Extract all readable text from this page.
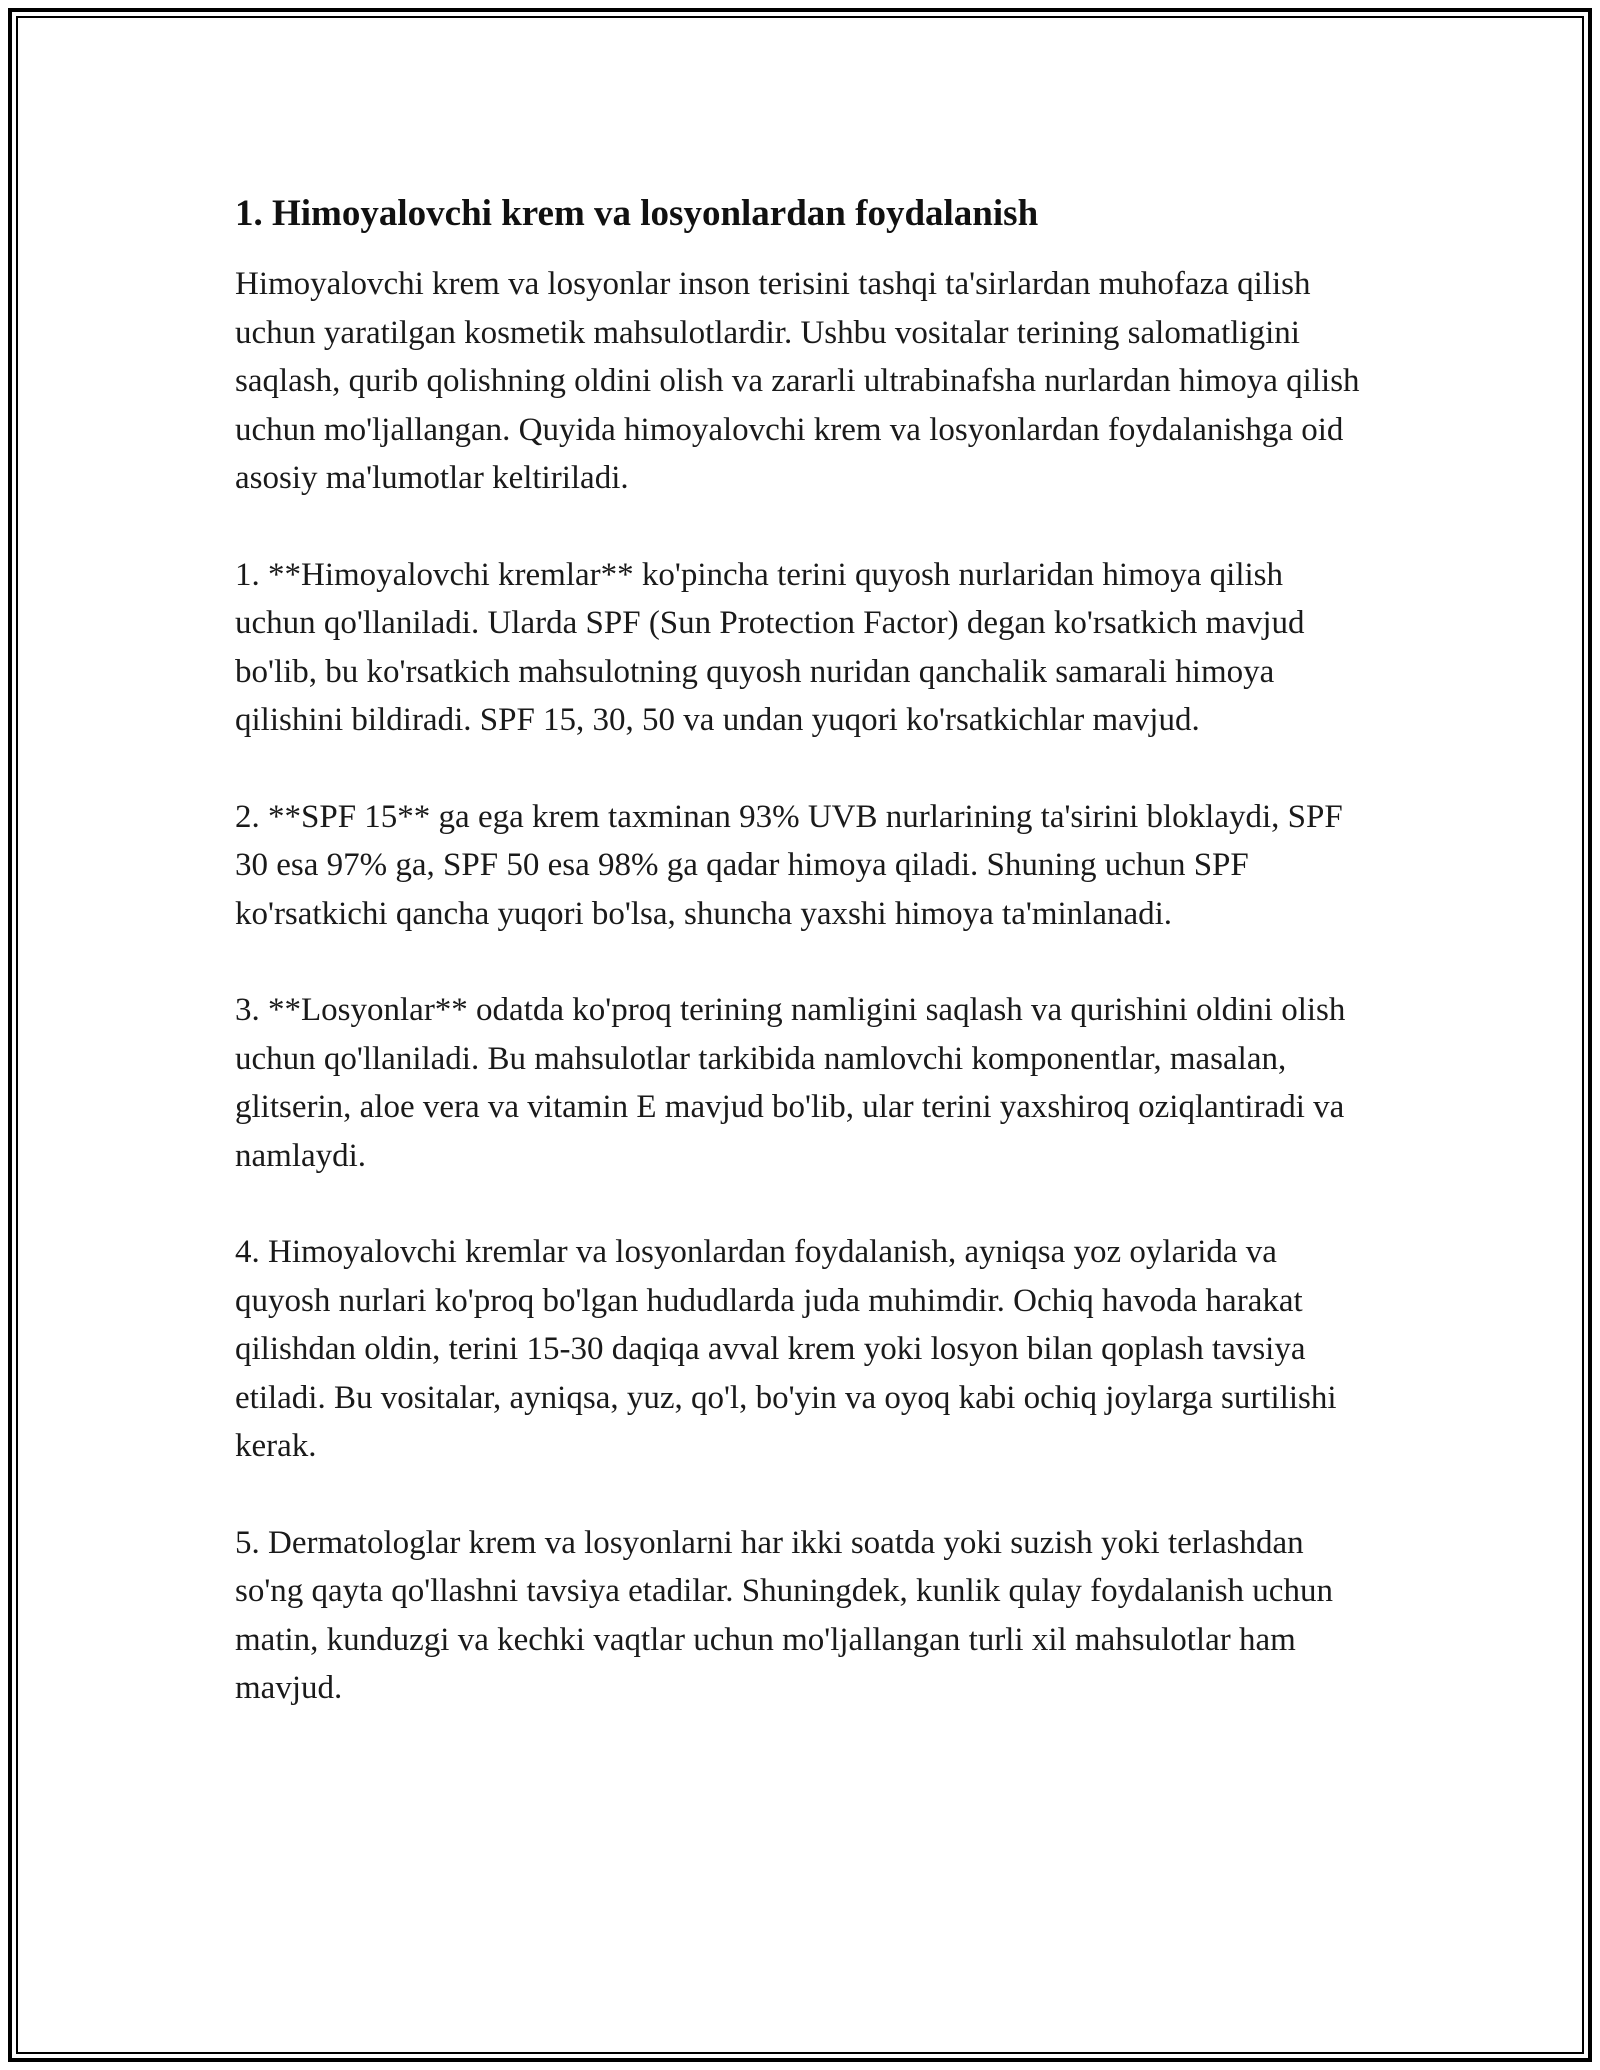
1. Himoyalovchi krem va losyonlardan foydalanish

Himoyalovchi krem va losyonlar inson terisini tashqi ta'sirlardan muhofaza qilish uchun yaratilgan kosmetik mahsulotlardir. Ushbu vositalar terining salomatligini saqlash, qurib qolishning oldini olish va zararli ultrabinafsha nurlardan himoya qilish uchun mo'ljallangan. Quyida himoyalovchi krem va losyonlardan foydalanishga oid asosiy ma'lumotlar keltiriladi.

1. **Himoyalovchi kremlar** ko'pincha terini quyosh nurlaridan himoya qilish uchun qo'llaniladi. Ularda SPF (Sun Protection Factor) degan ko'rsatkich mavjud bo'lib, bu ko'rsatkich mahsulotning quyosh nuridan qanchalik samarali himoya qilishini bildiradi. SPF 15, 30, 50 va undan yuqori ko'rsatkichlar mavjud.

2. **SPF 15** ga ega krem taxminan 93% UVB nurlarining ta'sirini bloklaydi, SPF 30 esa 97% ga, SPF 50 esa 98% ga qadar himoya qiladi. Shuning uchun SPF ko'rsatkichi qancha yuqori bo'lsa, shuncha yaxshi himoya ta'minlanadi.

3. **Losyonlar** odatda ko'proq terining namligini saqlash va qurishini oldini olish uchun qo'llaniladi. Bu mahsulotlar tarkibida namlovchi komponentlar, masalan, glitserin, aloe vera va vitamin E mavjud bo'lib, ular terini yaxshiroq oziqlantiradi va namlaydi.

4. Himoyalovchi kremlar va losyonlardan foydalanish, ayniqsa yoz oylarida va quyosh nurlari ko'proq bo'lgan hududlarda juda muhimdir. Ochiq havoda harakat qilishdan oldin, terini 15-30 daqiqa avval krem yoki losyon bilan qoplash tavsiya etiladi. Bu vositalar, ayniqsa, yuz, qo'l, bo'yin va oyoq kabi ochiq joylarga surtilishi kerak.

5. Dermatologlar krem va losyonlarni har ikki soatda yoki suzish yoki terlashdan so'ng qayta qo'llashni tavsiya etadilar. Shuningdek, kunlik qulay foydalanish uchun matin, kunduzgi va kechki vaqtlar uchun mo'ljallangan turli xil mahsulotlar ham mavjud.
